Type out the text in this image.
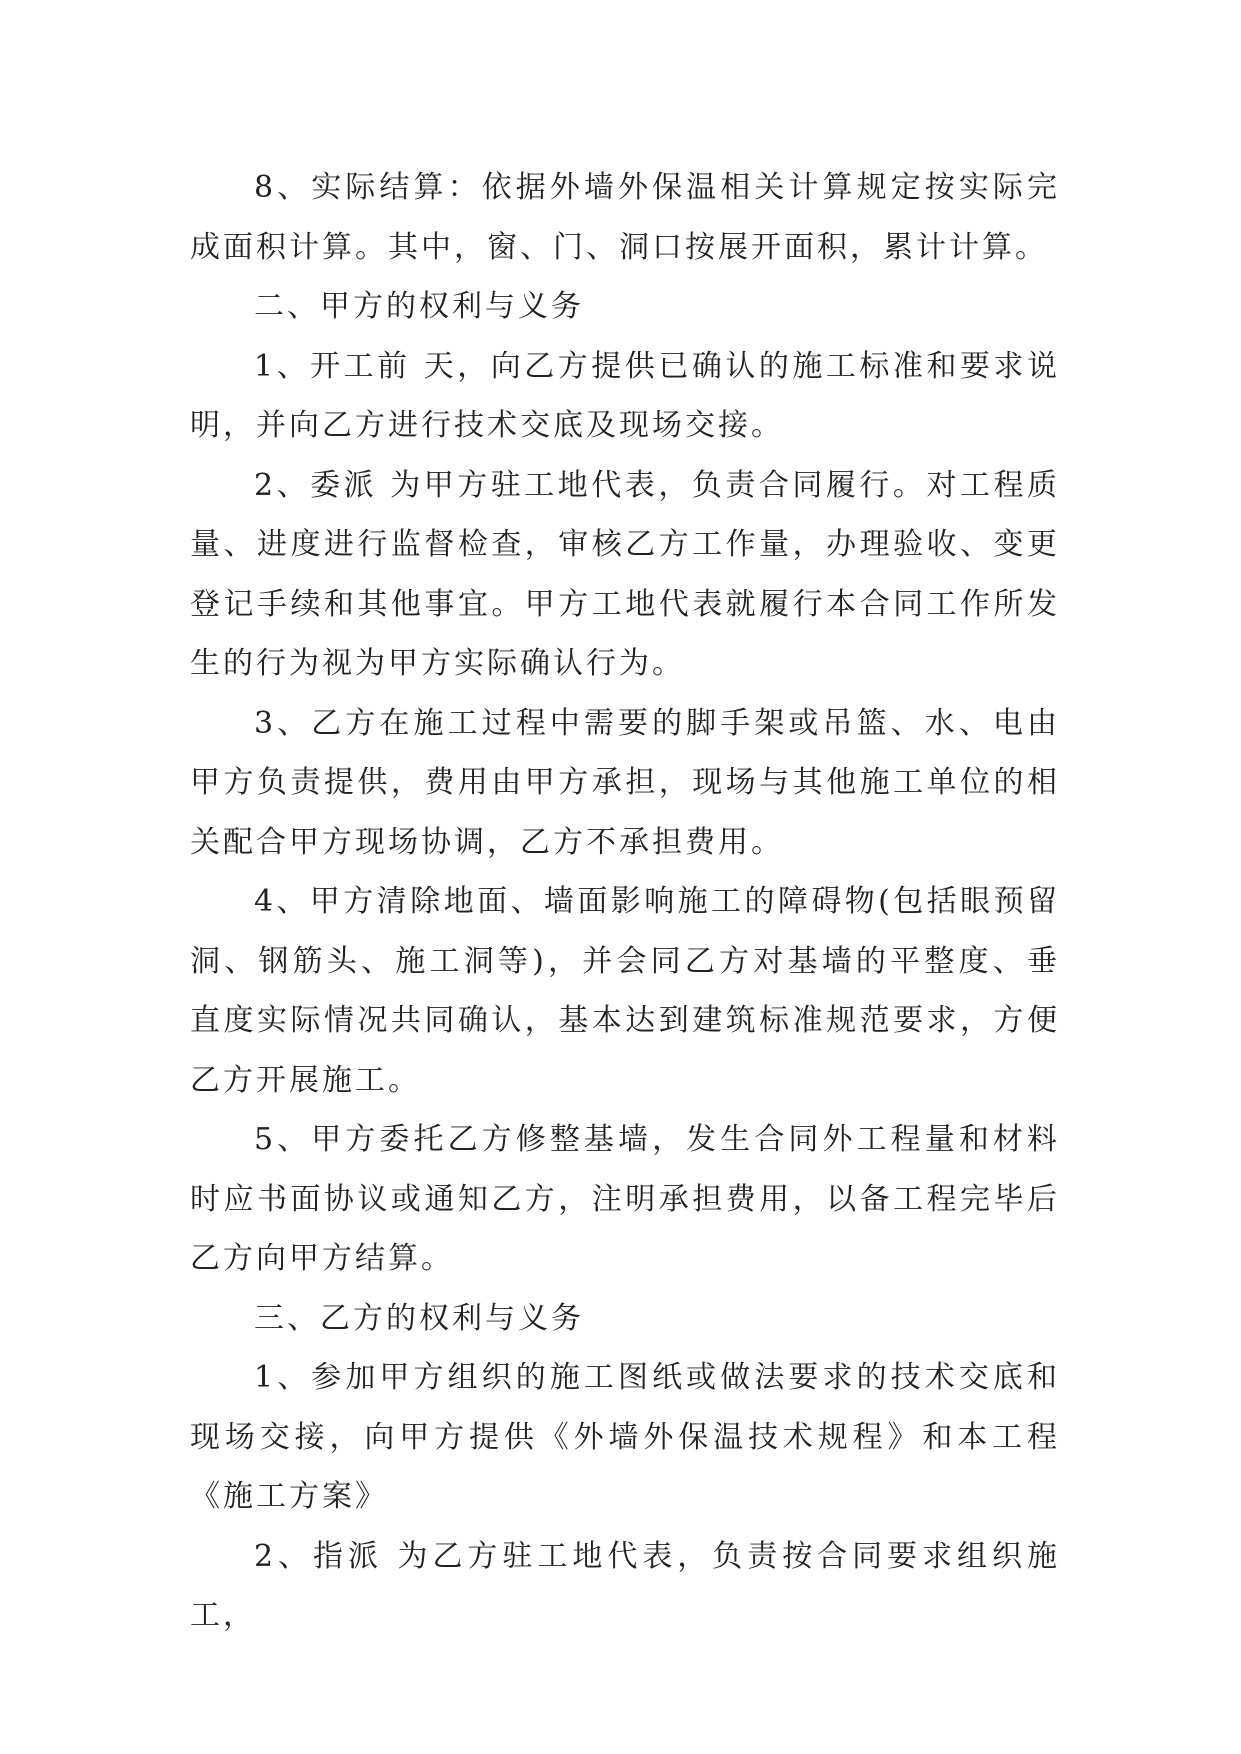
8、实际结算：依据外墙外保温相关计算规定按实际完成面积计算。其中，窗、门、洞口按展开面积，累计计算。

二、甲方的权利与义务

1、开工前 天，向乙方提供已确认的施工标准和要求说明，并向乙方进行技术交底及现场交接。

2、委派 为甲方驻工地代表，负责合同履行。对工程质量、进度进行监督检查，审核乙方工作量，办理验收、变更登记手续和其他事宜。甲方工地代表就履行本合同工作所发生的行为视为甲方实际确认行为。

3、乙方在施工过程中需要的脚手架或吊篮、水、电由甲方负责提供，费用由甲方承担，现场与其他施工单位的相关配合甲方现场协调，乙方不承担费用。

4、甲方清除地面、墙面影响施工的障碍物(包括眼预留洞、钢筋头、施工洞等)，并会同乙方对基墙的平整度、垂直度实际情况共同确认，基本达到建筑标准规范要求，方便乙方开展施工。

5、甲方委托乙方修整基墙，发生合同外工程量和材料时应书面协议或通知乙方，注明承担费用，以备工程完毕后乙方向甲方结算。

三、乙方的权利与义务

1、参加甲方组织的施工图纸或做法要求的技术交底和现场交接，向甲方提供《外墙外保温技术规程》和本工程《施工方案》

2、指派 为乙方驻工地代表，负责按合同要求组织施工，
